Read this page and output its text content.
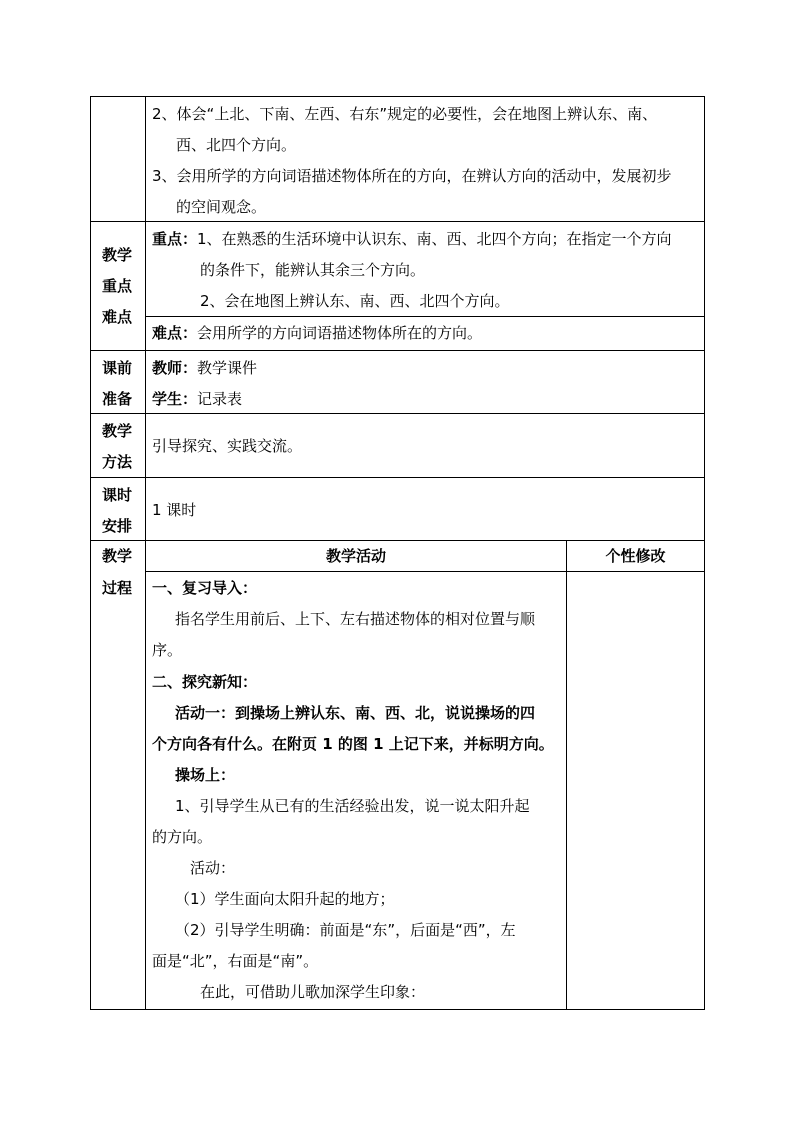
2、体会“上北、下南、左西、右东”规定的必要性，会在地图上辨认东、南、
西、北四个方向。
3、会用所学的方向词语描述物体所在的方向，在辨认方向的活动中，发展初步
的空间观念。
教学
重点
难点
重点： 1、在熟悉的生活环境中认识东、南、西、北四个方向；在指定一个方向
的条件下，能辨认其余三个方向。
2、会在地图上辨认东、南、西、北四个方向。
难点： 会用所学的方向词语描述物体所在的方向。
课前
准备
教师： 教学课件
学生： 记录表
教学
方法
引导探究、实践交流。
课时
安排
1 课时
教学
过程
教学活动	个性修改
一、复习导入：
指名学生用前后、上下、左右描述物体的相对位置与顺
序。
二、探究新知：
活动一：到操场上辨认东、南、西、北，说说操场的四
个方向各有什么。在附页 1 的图 1 上记下来，并标明方向。
操场上：
1、引导学生从已有的生活经验出发，说一说太阳升起
的方向。
活动：
（1）学生面向太阳升起的地方；
（2）引导学生明确：前面是“东”，后面是“西”，左
面是“北”，右面是“南”。
在此，可借助儿歌加深学生印象：
